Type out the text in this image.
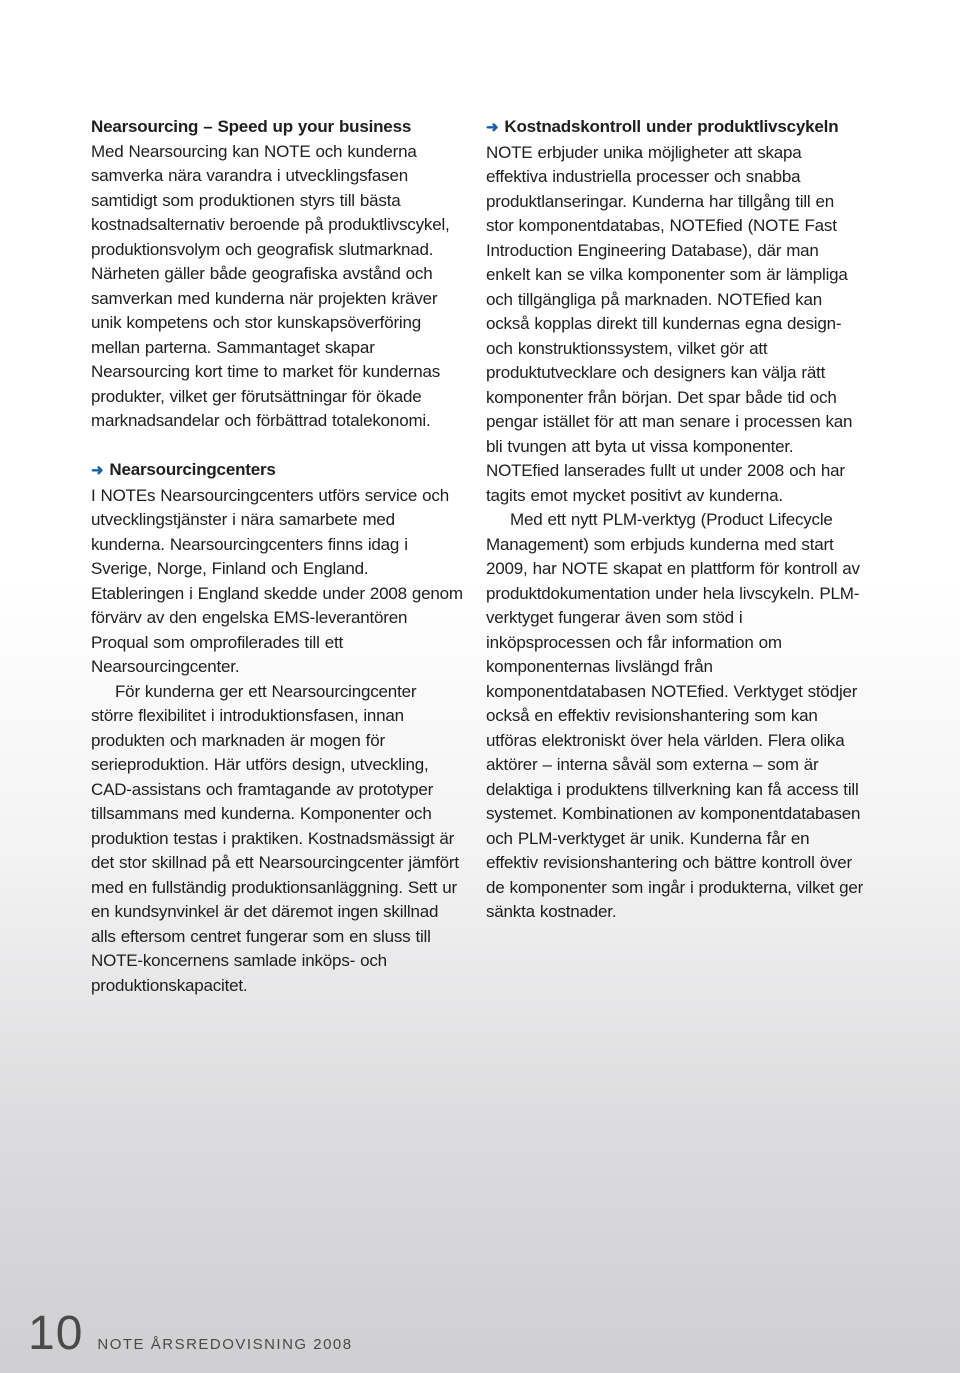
Nearsourcing – Speed up your business

Med Nearsourcing kan NOTE och kunderna samverka nära varandra i utvecklingsfasen samtidigt som produktionen styrs till bästa kostnadsalternativ beroende på produktlivscykel, produktionsvolym och geografisk slutmarknad. Närheten gäller både geografiska avstånd och samverkan med kunderna när projekten kräver unik kompetens och stor kunskapsöverföring mellan parterna. Sammantaget skapar Nearsourcing kort time to market för kundernas produkter, vilket ger förutsättningar för ökade marknadsandelar och förbättrad totalekonomi.

➜ Nearsourcingcenters

I NOTEs Nearsourcingcenters utförs service och utvecklingstjänster i nära samarbete med kunderna. Nearsourcingcenters finns idag i Sverige, Norge, Finland och England. Etableringen i England skedde under 2008 genom förvärv av den engelska EMS-leverantören Proqual som omprofilerades till ett Nearsourcingcenter.

För kunderna ger ett Nearsourcingcenter större flexibilitet i introduktionsfasen, innan produkten och marknaden är mogen för serieproduktion. Här utförs design, utveckling, CAD-assistans och framtagande av prototyper tillsammans med kunderna. Komponenter och produktion testas i praktiken. Kostnadsmässigt är det stor skillnad på ett Nearsourcingcenter jämfört med en fullständig produktionsanläggning. Sett ur en kundsynvinkel är det däremot ingen skillnad alls eftersom centret fungerar som en sluss till NOTE-koncernens samlade inköps- och produktionskapacitet.

➜ Kostnadskontroll under produktlivscykeln

NOTE erbjuder unika möjligheter att skapa effektiva industriella processer och snabba produktlanseringar. Kunderna har tillgång till en stor komponentdatabas, NOTEfied (NOTE Fast Introduction Engineering Database), där man enkelt kan se vilka komponenter som är lämpliga och tillgängliga på marknaden. NOTEfied kan också kopplas direkt till kundernas egna design- och konstruktionssystem, vilket gör att produktutvecklare och designers kan välja rätt komponenter från början. Det spar både tid och pengar istället för att man senare i processen kan bli tvungen att byta ut vissa komponenter. NOTEfied lanserades fullt ut under 2008 och har tagits emot mycket positivt av kunderna.

Med ett nytt PLM-verktyg (Product Lifecycle Management) som erbjuds kunderna med start 2009, har NOTE skapat en plattform för kontroll av produktdokumentation under hela livscykeln. PLM-verktyget fungerar även som stöd i inköpsprocessen och får information om komponenternas livslängd från komponentdatabasen NOTEfied. Verktyget stödjer också en effektiv revisionshantering som kan utföras elektroniskt över hela världen. Flera olika aktörer – interna såväl som externa – som är delaktiga i produktens tillverkning kan få access till systemet. Kombinationen av komponentdatabasen och PLM-verktyget är unik. Kunderna får en effektiv revisionshantering och bättre kontroll över de komponenter som ingår i produkterna, vilket ger sänkta kostnader.

10 NOTE ÅRSREDOVISNING 2008
